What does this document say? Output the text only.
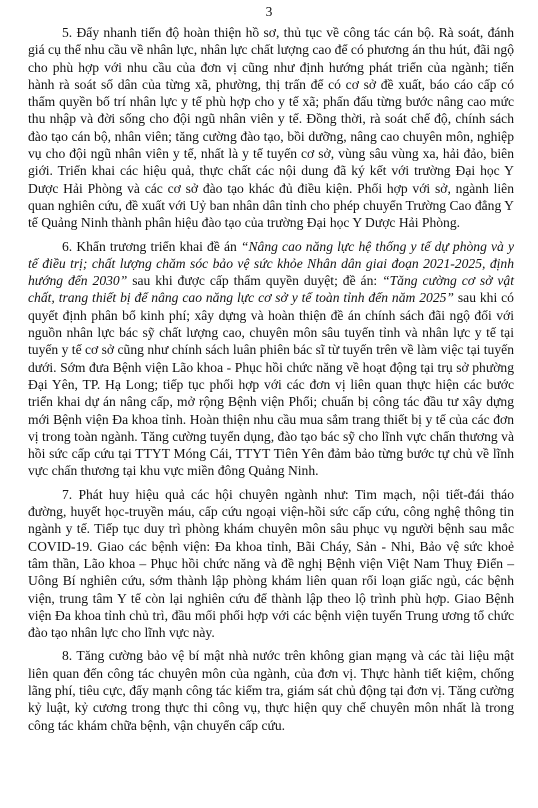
3

5. Đẩy nhanh tiến độ hoàn thiện hồ sơ, thủ tục về công tác cán bộ. Rà soát, đánh giá cụ thể nhu cầu về nhân lực, nhân lực chất lượng cao để có phương án thu hút, đãi ngộ cho phù hợp với nhu cầu của đơn vị cũng như định hướng phát triển của ngành; tiến hành rà soát số dân của từng xã, phường, thị trấn để có cơ sở đề xuất, báo cáo cấp có thẩm quyền bố trí nhân lực y tế phù hợp cho y tế xã; phấn đấu từng bước nâng cao mức thu nhập và đời sống cho đội ngũ nhân viên y tế. Đồng thời, rà soát chế độ, chính sách đào tạo cán bộ, nhân viên; tăng cường đào tạo, bồi dưỡng, nâng cao chuyên môn, nghiệp vụ cho đội ngũ nhân viên y tế, nhất là y tế tuyến cơ sở, vùng sâu vùng xa, hải đảo, biên giới. Triển khai các hiệu quả, thực chất các nội dung đã ký kết với trường Đại học Y Dược Hải Phòng và các cơ sở đào tạo khác đủ điều kiện. Phối hợp với sở, ngành liên quan nghiên cứu, đề xuất với Uỷ ban nhân dân tỉnh cho phép chuyển Trường Cao đẳng Y tế Quảng Ninh thành phân hiệu đào tạo của trường Đại học Y Dược Hải Phòng.

6. Khẩn trương triển khai đề án “Nâng cao năng lực hệ thống y tế dự phòng và y tế điều trị; chất lượng chăm sóc bảo vệ sức khỏe Nhân dân giai đoạn 2021-2025, định hướng đến 2030” sau khi được cấp thẩm quyền duyệt; đề án: “Tăng cường cơ sở vật chất, trang thiết bị để nâng cao năng lực cơ sở y tế toàn tỉnh đến năm 2025” sau khi có quyết định phân bổ kinh phí; xây dựng và hoàn thiện đề án chính sách đãi ngộ đối với nguồn nhân lực bác sỹ chất lượng cao, chuyên môn sâu tuyến tỉnh và nhân lực y tế tại tuyến y tế cơ sở cũng như chính sách luân phiên bác sĩ từ tuyến trên về làm việc tại tuyến dưới. Sớm đưa Bệnh viện Lão khoa - Phục hồi chức năng về hoạt động tại trụ sở phường Đại Yên, TP. Hạ Long; tiếp tục phối hợp với các đơn vị liên quan thực hiện các bước triển khai dự án nâng cấp, mở rộng Bệnh viện Phổi; chuẩn bị công tác đầu tư xây dựng mới Bệnh viện Đa khoa tỉnh. Hoàn thiện nhu cầu mua sắm trang thiết bị y tế của các đơn vị trong toàn ngành. Tăng cường tuyển dụng, đào tạo bác sỹ cho lĩnh vực chấn thương và hồi sức cấp cứu tại TTYT Móng Cái, TTYT Tiên Yên đảm bảo từng bước tự chủ về lĩnh vực chấn thương tại khu vực miền đông Quảng Ninh.

7. Phát huy hiệu quả các hội chuyên ngành như: Tim mạch, nội tiết-đái tháo đường, huyết học-truyền máu, cấp cứu ngoại viện-hồi sức cấp cứu, công nghệ thông tin ngành y tế. Tiếp tục duy trì phòng khám chuyên môn sâu phục vụ người bệnh sau mắc COVID-19. Giao các bệnh viện: Đa khoa tỉnh, Bãi Cháy, Sản - Nhi, Bảo vệ sức khoẻ tâm thần, Lão khoa – Phục hồi chức năng và đề nghị Bệnh viện Việt Nam Thuỵ Điển – Uông Bí nghiên cứu, sớm thành lập phòng khám liên quan rối loạn giấc ngủ, các bệnh viện, trung tâm Y tế còn lại nghiên cứu để thành lập theo lộ trình phù hợp. Giao Bệnh viện Đa khoa tỉnh chủ trì, đầu mối phối hợp với các bệnh viện tuyến Trung ương tổ chức đào tạo nhân lực cho lĩnh vực này.

8. Tăng cường bảo vệ bí mật nhà nước trên không gian mạng và các tài liệu mật liên quan đến công tác chuyên môn của ngành, của đơn vị. Thực hành tiết kiệm, chống lãng phí, tiêu cực, đẩy mạnh công tác kiểm tra, giám sát chủ động tại đơn vị. Tăng cường kỷ luật, kỷ cương trong thực thi công vụ, thực hiện quy chế chuyên môn nhất là trong công tác khám chữa bệnh, vận chuyển cấp cứu.
